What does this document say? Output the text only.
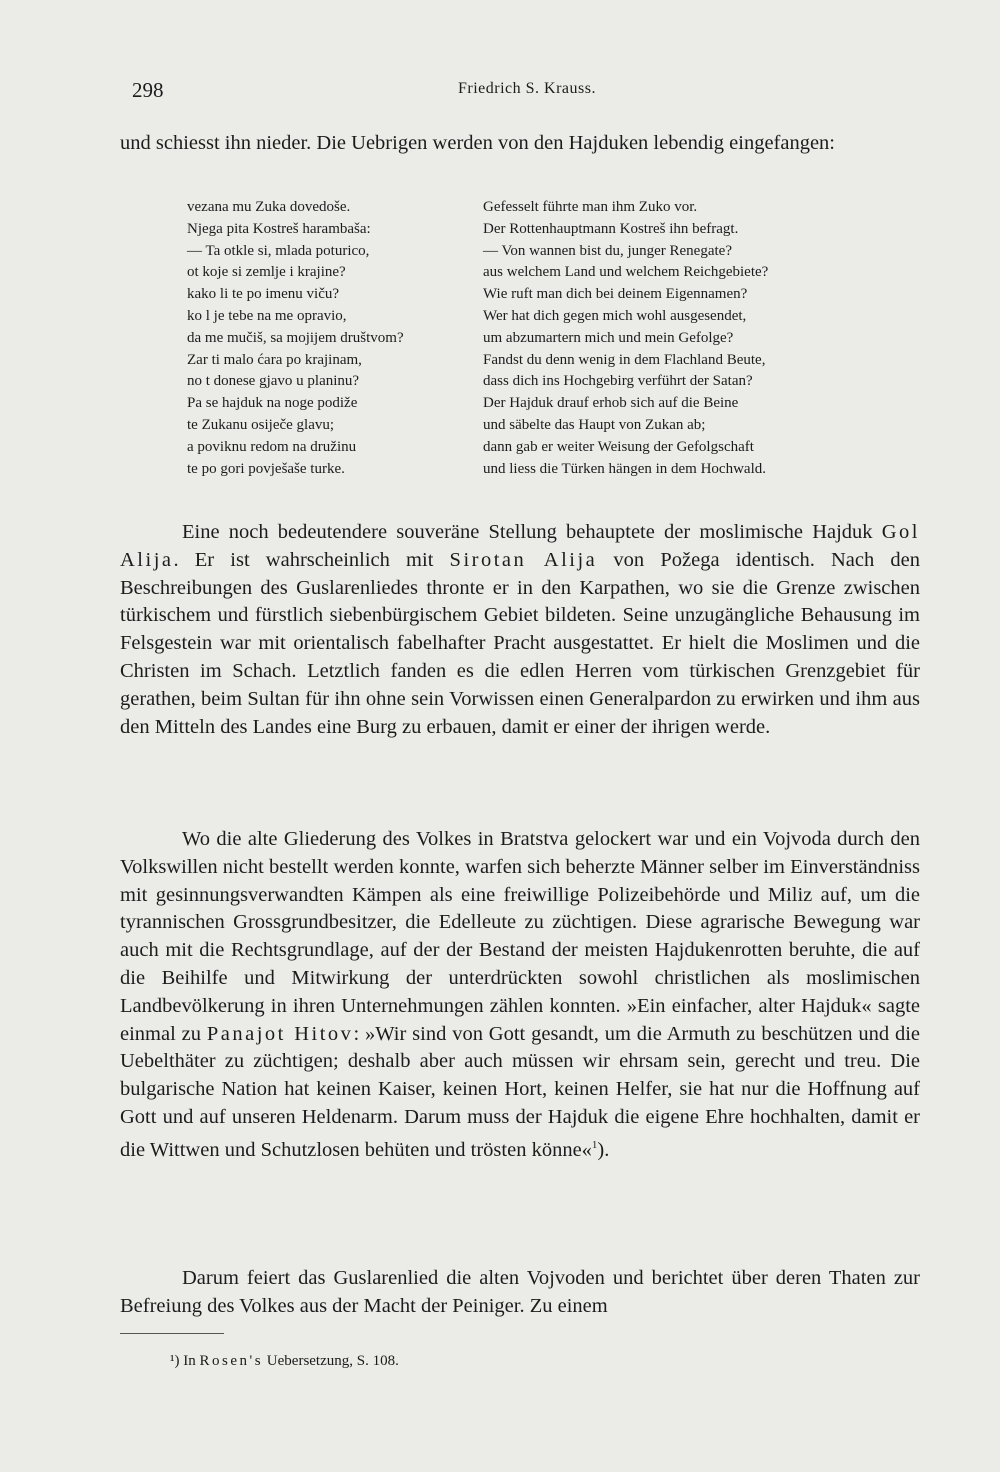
298	Friedrich S. Krauss.

und schiesst ihn nieder. Die Uebrigen werden von den Hajduken lebendig eingefangen:

vezana mu Zuka dovedoše.
Njega pita Kostreš harambaša:
— Ta otkle si, mlada poturico,
ot koje si zemlje i krajine?
kako li te po imenu viču?
ko l je tebe na me opravio,
da me mučiš, sa mojijem društvom?
Zar ti malo ćara po krajinam,
no t donese gjavo u planinu?
Pa se hajduk na noge podiže
te Zukanu osiječe glavu;
a poviknu redom na družinu
te po gori povješaše turke.
Gefesselt führte man ihm Zuko vor.
Der Rottenhauptmann Kostreš ihn befragt.
— Von wannen bist du, junger Renegate?
aus welchem Land und welchem Reichgebiete?
Wie ruft man dich bei deinem Eigennamen?
Wer hat dich gegen mich wohl ausgesendet,
um abzumartern mich und mein Gefolge?
Fandst du denn wenig in dem Flachland Beute,
dass dich ins Hochgebirg verführt der Satan?
Der Hajduk drauf erhob sich auf die Beine
und säbelte das Haupt von Zukan ab;
dann gab er weiter Weisung der Gefolgschaft
und liess die Türken hängen in dem Hochwald.

Eine noch bedeutendere souveräne Stellung behauptete der moslimische Hajduk Gol Alija. Er ist wahrscheinlich mit Sirotan Alija von Požega identisch. Nach den Beschreibungen des Guslarenliedes thronte er in den Karpathen, wo sie die Grenze zwischen türkischem und fürstlich siebenbürgischem Gebiet bildeten. Seine unzugängliche Behausung im Felsgestein war mit orientalisch fabelhafter Pracht ausgestattet. Er hielt die Moslimen und die Christen im Schach. Letztlich fanden es die edlen Herren vom türkischen Grenzgebiet für gerathen, beim Sultan für ihn ohne sein Vorwissen einen Generalpardon zu erwirken und ihm aus den Mitteln des Landes eine Burg zu erbauen, damit er einer der ihrigen werde.

Wo die alte Gliederung des Volkes in Bratstva gelockert war und ein Vojvoda durch den Volkswillen nicht bestellt werden konnte, warfen sich beherzte Männer selber im Einverständniss mit gesinnungsverwandten Kämpen als eine freiwillige Polizeibehörde und Miliz auf, um die tyrannischen Grossgrundbesitzer, die Edelleute zu züchtigen. Diese agrarische Bewegung war auch mit die Rechtsgrundlage, auf der der Bestand der meisten Hajdukenrotten beruhte, die auf die Beihilfe und Mitwirkung der unterdrückten sowohl christlichen als moslimischen Landbevölkerung in ihren Unternehmungen zählen konnten. »Ein einfacher, alter Hajduk« sagte einmal zu Panajot Hitov: »Wir sind von Gott gesandt, um die Armuth zu beschützen und die Uebelthäter zu züchtigen; deshalb aber auch müssen wir ehrsam sein, gerecht und treu. Die bulgarische Nation hat keinen Kaiser, keinen Hort, keinen Helfer, sie hat nur die Hoffnung auf Gott und auf unseren Heldenarm. Darum muss der Hajduk die eigene Ehre hochhalten, damit er die Wittwen und Schutzlosen behüten und trösten könne«$^1$).

Darum feiert das Guslarenlied die alten Vojvoden und berichtet über deren Thaten zur Befreiung des Volkes aus der Macht der Peiniger. Zu einem

¹) In Rosen's Uebersetzung, S. 108.
